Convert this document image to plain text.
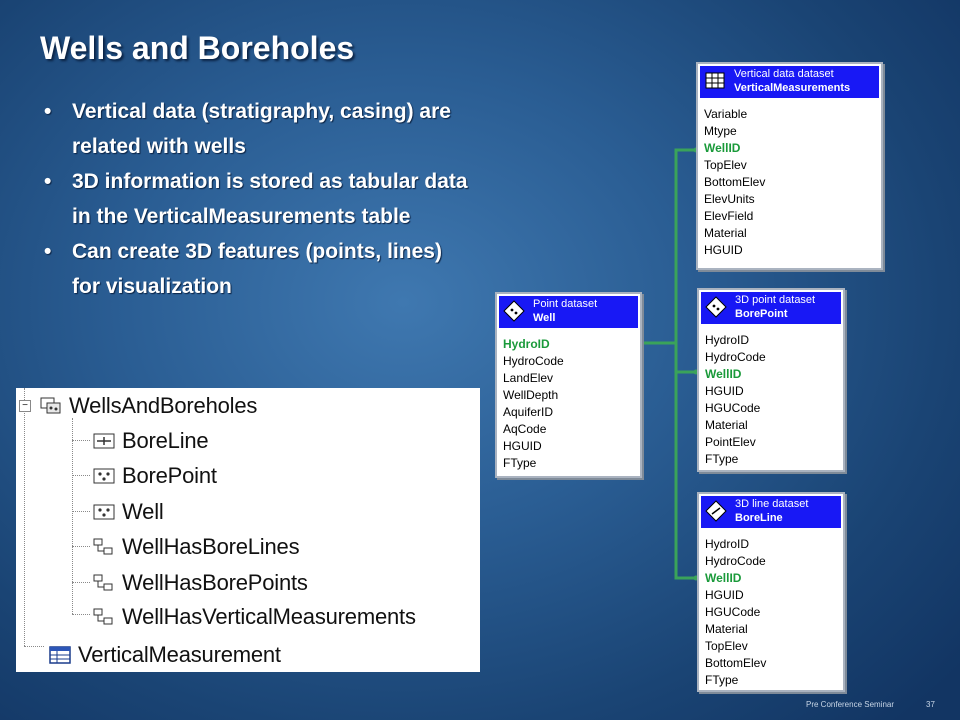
Wells and Boreholes
• Vertical data (stratigraphy, casing) are
related with wells
• 3D information is stored as tabular data
in the VerticalMeasurements table
• Can create 3D features (points, lines)
for visualization
− WellsAndBoreholes
BoreLine
BorePoint
Well
WellHasBoreLines
WellHasBorePoints
WellHasVerticalMeasurements
VerticalMeasurement
Vertical data dataset
VerticalMeasurements
Variable
Mtype
WellID
TopElev
BottomElev
ElevUnits
ElevField
Material
HGUID
Point dataset
Well
HydroID
HydroCode
LandElev
WellDepth
AquiferID
AqCode
HGUID
FType
3D point dataset
BorePoint
HydroID
HydroCode
WellID
HGUID
HGUCode
Material
PointElev
FType
3D line dataset
BoreLine
HydroID
HydroCode
WellID
HGUID
HGUCode
Material
TopElev
BottomElev
FType
Pre Conference Seminar	37
